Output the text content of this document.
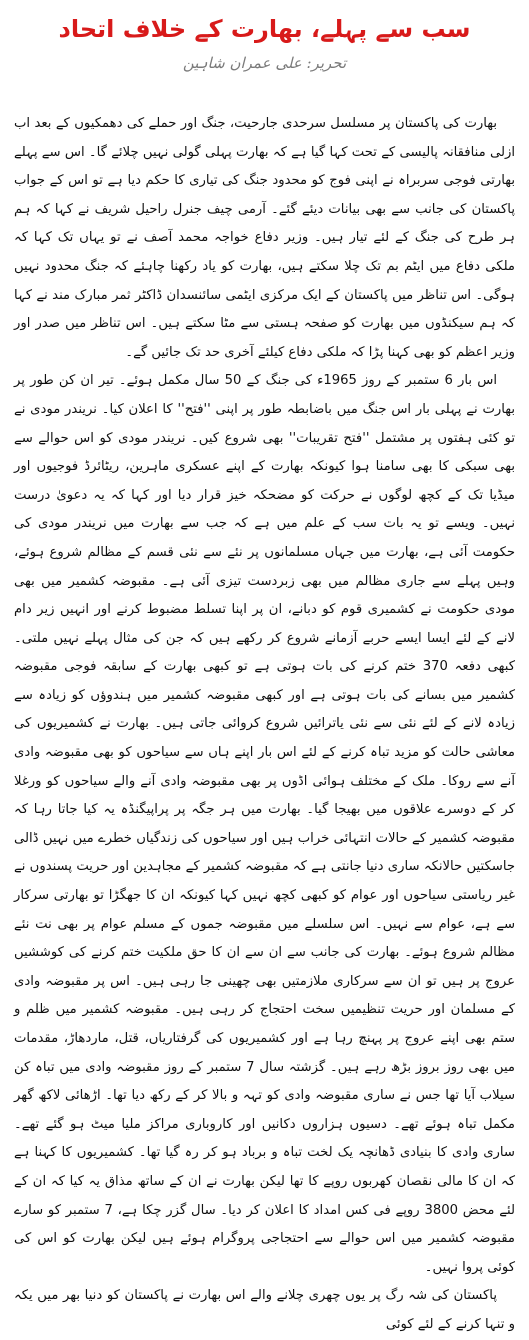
سب سے پہلے، بھارت کے خلاف اتحاد
تحریر: علی عمران شاہین

بھارت کی پاکستان پر مسلسل سرحدی جارحیت، جنگ اور حملے کی دھمکیوں کے بعد اب ازلی منافقانہ پالیسی کے تحت کہا گیا ہے کہ بھارت پہلی گولی نہیں چلائے گا۔ اس سے پہلے بھارتی فوجی سربراہ نے اپنی فوج کو محدود جنگ کی تیاری کا حکم دیا ہے تو اس کے جواب پاکستان کی جانب سے بھی بیانات دیئے گئے۔ آرمی چیف جنرل راحیل شریف نے کہا کہ ہم ہر طرح کی جنگ کے لئے تیار ہیں۔ وزیر دفاع خواجہ محمد آصف نے تو یہاں تک کہا کہ ملکی دفاع میں ایٹم بم تک چلا سکتے ہیں، بھارت کو یاد رکھنا چاہئے کہ جنگ محدود نہیں ہوگی۔ اس تناظر میں پاکستان کے ایک مرکزی ایٹمی سائنسدان ڈاکٹر ثمر مبارک مند نے کہا کہ ہم سیکنڈوں میں بھارت کو صفحہ ہستی سے مٹا سکتے ہیں۔ اس تناظر میں صدر اور وزیر اعظم کو بھی کہنا پڑا کہ ملکی دفاع کیلئے آخری حد تک جائیں گے۔

اس بار 6 ستمبر کے روز 1965ء کی جنگ کے 50 سال مکمل ہوئے۔ تیر ان کن طور پر بھارت نے پہلی بار اس جنگ میں باضابطہ طور پر اپنی ''فتح'' کا اعلان کیا۔ نریندر مودی نے تو کئی ہفتوں پر مشتمل ''فتح تقریبات'' بھی شروع کیں۔ نریندر مودی کو اس حوالے سے بھی سبکی کا بھی سامنا ہوا کیونکہ بھارت کے اپنے عسکری ماہرین، ریٹائرڈ فوجیوں اور میڈیا تک کے کچھ لوگوں نے حرکت کو مضحکہ خیز قرار دیا اور کہا کہ یہ دعویٰ درست نہیں۔ ویسے تو یہ بات سب کے علم میں ہے کہ جب سے بھارت میں نریندر مودی کی حکومت آئی ہے، بھارت میں جہاں مسلمانوں پر نئے سے نئی قسم کے مظالم شروع ہوئے، وہیں پہلے سے جاری مظالم میں بھی زبردست تیزی آئی ہے۔ مقبوضہ کشمیر میں بھی مودی حکومت نے کشمیری قوم کو دبانے، ان پر اپنا تسلط مضبوط کرنے اور انہیں زیر دام لانے کے لئے ایسا ایسے حربے آزمانے شروع کر رکھے ہیں کہ جن کی مثال پہلے نہیں ملتی۔ کبھی دفعہ 370 ختم کرنے کی بات ہوتی ہے تو کبھی بھارت کے سابقہ فوجی مقبوضہ کشمیر میں بسانے کی بات ہوتی ہے اور کبھی مقبوضہ کشمیر میں ہندوؤں کو زیادہ سے زیادہ لانے کے لئے نئی سے نئی یاترائیں شروع کروائی جاتی ہیں۔ بھارت نے کشمیریوں کی معاشی حالت کو مزید تباہ کرنے کے لئے اس بار اپنے ہاں سے سیاحوں کو بھی مقبوضہ وادی آنے سے روکا۔ ملک کے مختلف ہوائی اڈوں پر بھی مقبوضہ وادی آنے والے سیاحوں کو ورغلا کر کے دوسرے علاقوں میں بھیجا گیا۔ بھارت میں ہر جگہ پر پراپیگنڈہ یہ کیا جاتا رہا کہ مقبوضہ کشمیر کے حالات انتہائی خراب ہیں اور سیاحوں کی زندگیاں خطرے میں نہیں ڈالی جاسکتیں حالانکہ ساری دنیا جانتی ہے کہ مقبوضہ کشمیر کے مجاہدین اور حریت پسندوں نے غیر ریاستی سیاحوں اور عوام کو کبھی کچھ نہیں کہا کیونکہ ان کا جھگڑا تو بھارتی سرکار سے ہے، عوام سے نہیں۔ اس سلسلے میں مقبوضہ جموں کے مسلم عوام پر بھی نت نئے مظالم شروع ہوئے۔ بھارت کی جانب سے ان سے ان کا حق ملکیت ختم کرنے کی کوششیں عروج پر ہیں تو ان سے سرکاری ملازمتیں بھی چھینی جا رہی ہیں۔ اس پر مقبوضہ وادی کے مسلمان اور حریت تنظیمیں سخت احتجاج کر رہی ہیں۔ مقبوضہ کشمیر میں ظلم و ستم بھی اپنے عروج پر پہنچ رہا ہے اور کشمیریوں کی گرفتاریاں، قتل، ماردھاڑ، مقدمات میں بھی روز بروز بڑھ رہے ہیں۔ گزشتہ سال 7 ستمبر کے روز مقبوضہ وادی میں تباہ کن سیلاب آیا تھا جس نے ساری مقبوضہ وادی کو تہہ و بالا کر کے رکھ دیا تھا۔ اڑھائی لاکھ گھر مکمل تباہ ہوئے تھے۔ دسیوں ہزاروں دکانیں اور کاروباری مراکز ملیا میٹ ہو گئے تھے۔ ساری وادی کا بنیادی ڈھانچہ یک لخت تباہ و برباد ہو کر رہ گیا تھا۔ کشمیریوں کا کہنا ہے کہ ان کا مالی نقصان کھربوں روپے کا تھا لیکن بھارت نے ان کے ساتھ مذاق یہ کیا کہ ان کے لئے محض 3800 روپے فی کس امداد کا اعلان کر دیا۔ سال گزر چکا ہے، 7 ستمبر کو سارے مقبوضہ کشمیر میں اس حوالے سے احتجاجی پروگرام ہوئے ہیں لیکن بھارت کو اس کی کوئی پروا نہیں۔

پاکستان کی شہ رگ پر یوں چھری چلانے والے اس بھارت نے پاکستان کو دنیا بھر میں یکہ و تنہا کرنے کے لئے کوئی
